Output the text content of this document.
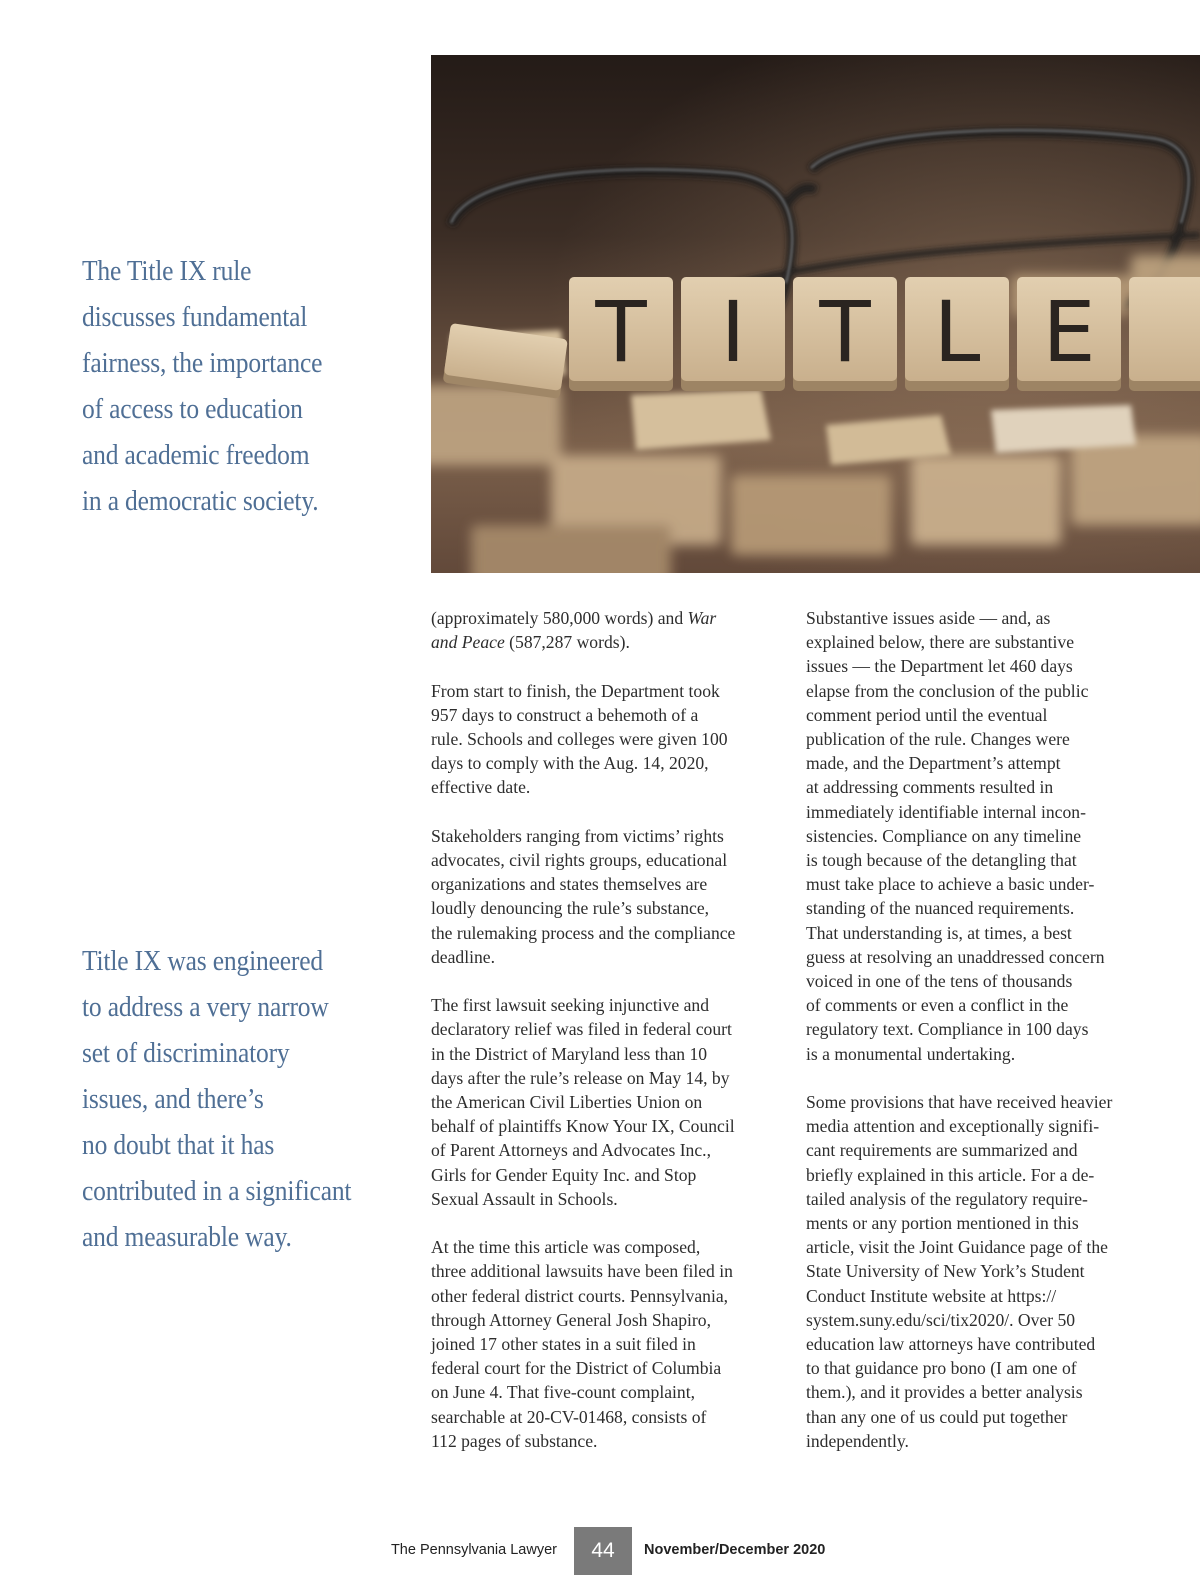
The Title IX rule
discusses fundamental
fairness, the importance
of access to education
and academic freedom
in a democratic society.
Title IX was engineered
to address a very narrow
set of discriminatory
issues, and there’s
no doubt that it has
contributed in a significant
and measurable way.
T I T L E

(approximately 580,000 words) and War
and Peace (587,287 words).

From start to finish, the Department took
957 days to construct a behemoth of a
rule. Schools and colleges were given 100
days to comply with the Aug. 14, 2020,
effective date.

Stakeholders ranging from victims’ rights
advocates, civil rights groups, educational
organizations and states themselves are
loudly denouncing the rule’s substance,
the rulemaking process and the compliance
deadline.

The first lawsuit seeking injunctive and
declaratory relief was filed in federal court
in the District of Maryland less than 10
days after the rule’s release on May 14, by
the American Civil Liberties Union on
behalf of plaintiffs Know Your IX, Council
of Parent Attorneys and Advocates Inc.,
Girls for Gender Equity Inc. and Stop
Sexual Assault in Schools.

At the time this article was composed,
three additional lawsuits have been filed in
other federal district courts. Pennsylvania,
through Attorney General Josh Shapiro,
joined 17 other states in a suit filed in
federal court for the District of Columbia
on June 4. That five-count complaint,
searchable at 20-CV-01468, consists of
112 pages of substance.

Substantive issues aside — and, as
explained below, there are substantive
issues — the Department let 460 days
elapse from the conclusion of the public
comment period until the eventual
publication of the rule. Changes were
made, and the Department’s attempt
at addressing comments resulted in
immediately identifiable internal incon-
sistencies. Compliance on any timeline
is tough because of the detangling that
must take place to achieve a basic under-
standing of the nuanced requirements.
That understanding is, at times, a best
guess at resolving an unaddressed concern
voiced in one of the tens of thousands
of comments or even a conflict in the
regulatory text. Compliance in 100 days
is a monumental undertaking.

Some provisions that have received heavier
media attention and exceptionally signifi-
cant requirements are summarized and
briefly explained in this article. For a de-
tailed analysis of the regulatory require-
ments or any portion mentioned in this
article, visit the Joint Guidance page of the
State University of New York’s Student
Conduct Institute website at https://
system.suny.edu/sci/tix2020/. Over 50
education law attorneys have contributed
to that guidance pro bono (I am one of
them.), and it provides a better analysis
than any one of us could put together
independently.

The Pennsylvania Lawyer	44	November/December 2020
